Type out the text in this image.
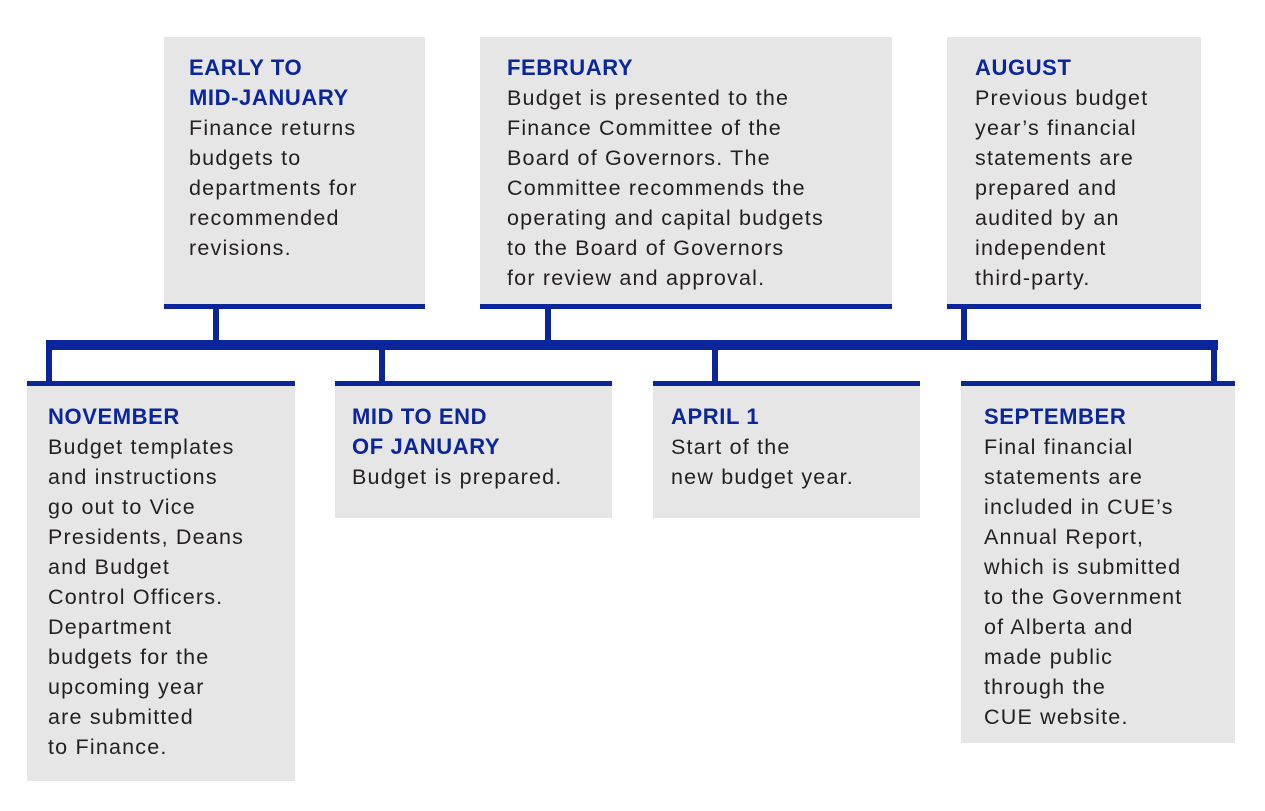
EARLY TO
MID-JANUARY
Finance returns
budgets to
departments for
recommended
revisions.
FEBRUARY
Budget is presented to the
Finance Committee of the
Board of Governors. The
Committee recommends the
operating and capital budgets
to the Board of Governors
for review and approval.
AUGUST
Previous budget
year’s financial
statements are
prepared and
audited by an
independent
third-party.
NOVEMBER
Budget templates
and instructions
go out to Vice
Presidents, Deans
and Budget
Control Officers.
Department
budgets for the
upcoming year
are submitted
to Finance.
MID TO END
OF JANUARY
Budget is prepared.
APRIL 1
Start of the
new budget year.
SEPTEMBER
Final financial
statements are
included in CUE’s
Annual Report,
which is submitted
to the Government
of Alberta and
made public
through the
CUE website.
